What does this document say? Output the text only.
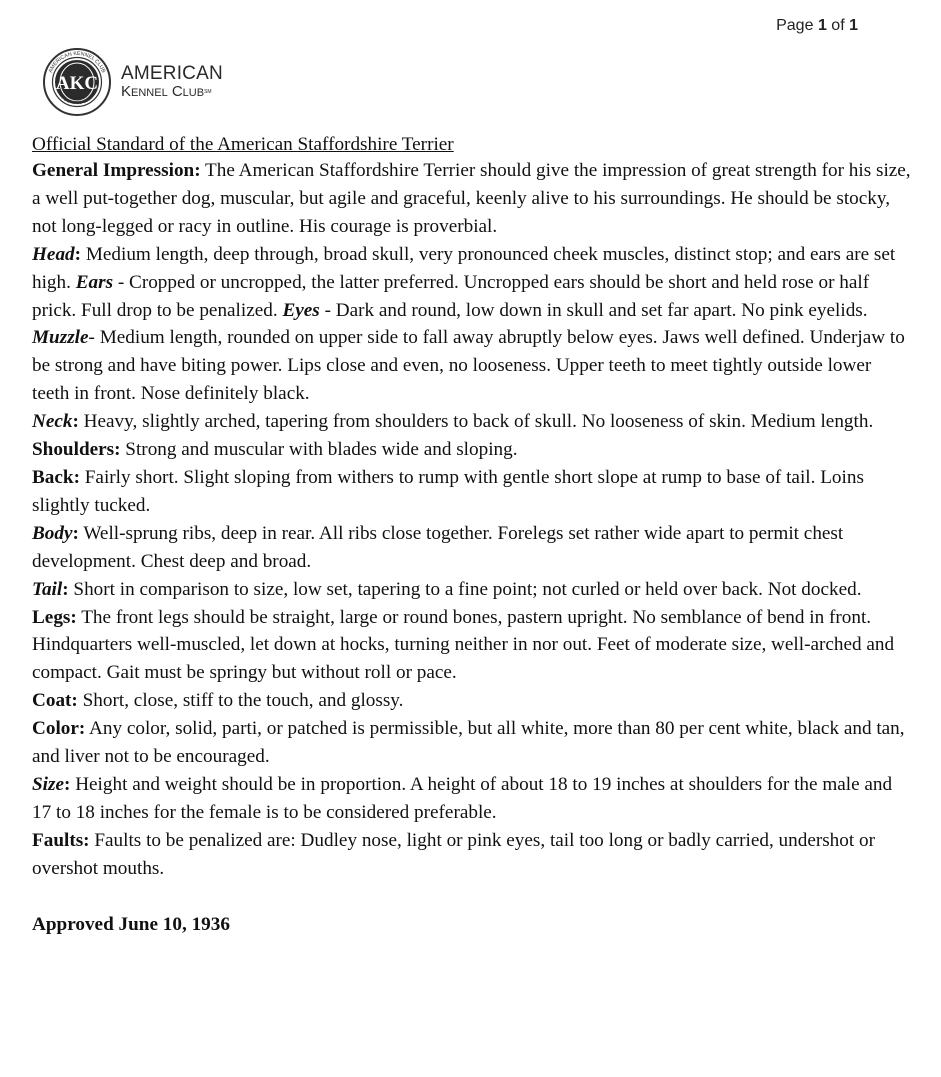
Page 1 of 1
AKC
AMERICAN KENNEL CLUB
FOUNDED 1884
AMERICAN
Kennel Club℠
Official Standard of the American Staffordshire Terrier

General Impression: The American Staffordshire Terrier should give the impression of great strength for his size, a well put-together dog, muscular, but agile and graceful, keenly alive to his surroundings. He should be stocky, not long-legged or racy in outline. His courage is proverbial.

Head: Medium length, deep through, broad skull, very pronounced cheek muscles, distinct stop; and ears are set high. Ears - Cropped or uncropped, the latter preferred. Uncropped ears should be short and held rose or half prick. Full drop to be penalized. Eyes - Dark and round, low down in skull and set far apart. No pink eyelids. Muzzle- Medium length, rounded on upper side to fall away abruptly below eyes. Jaws well defined. Underjaw to be strong and have biting power. Lips close and even, no looseness. Upper teeth to meet tightly outside lower teeth in front. Nose definitely black.

Neck: Heavy, slightly arched, tapering from shoulders to back of skull. No looseness of skin. Medium length.

Shoulders: Strong and muscular with blades wide and sloping.

Back: Fairly short. Slight sloping from withers to rump with gentle short slope at rump to base of tail. Loins slightly tucked.

Body: Well-sprung ribs, deep in rear. All ribs close together. Forelegs set rather wide apart to permit chest development. Chest deep and broad.

Tail: Short in comparison to size, low set, tapering to a fine point; not curled or held over back. Not docked.

Legs: The front legs should be straight, large or round bones, pastern upright. No semblance of bend in front. Hindquarters well-muscled, let down at hocks, turning neither in nor out. Feet of moderate size, well-arched and compact. Gait must be springy but without roll or pace.

Coat: Short, close, stiff to the touch, and glossy.

Color: Any color, solid, parti, or patched is permissible, but all white, more than 80 per cent white, black and tan, and liver not to be encouraged.

Size: Height and weight should be in proportion. A height of about 18 to 19 inches at shoulders for the male and 17 to 18 inches for the female is to be considered preferable.

Faults: Faults to be penalized are: Dudley nose, light or pink eyes, tail too long or badly carried, undershot or overshot mouths.

Approved June 10, 1936
